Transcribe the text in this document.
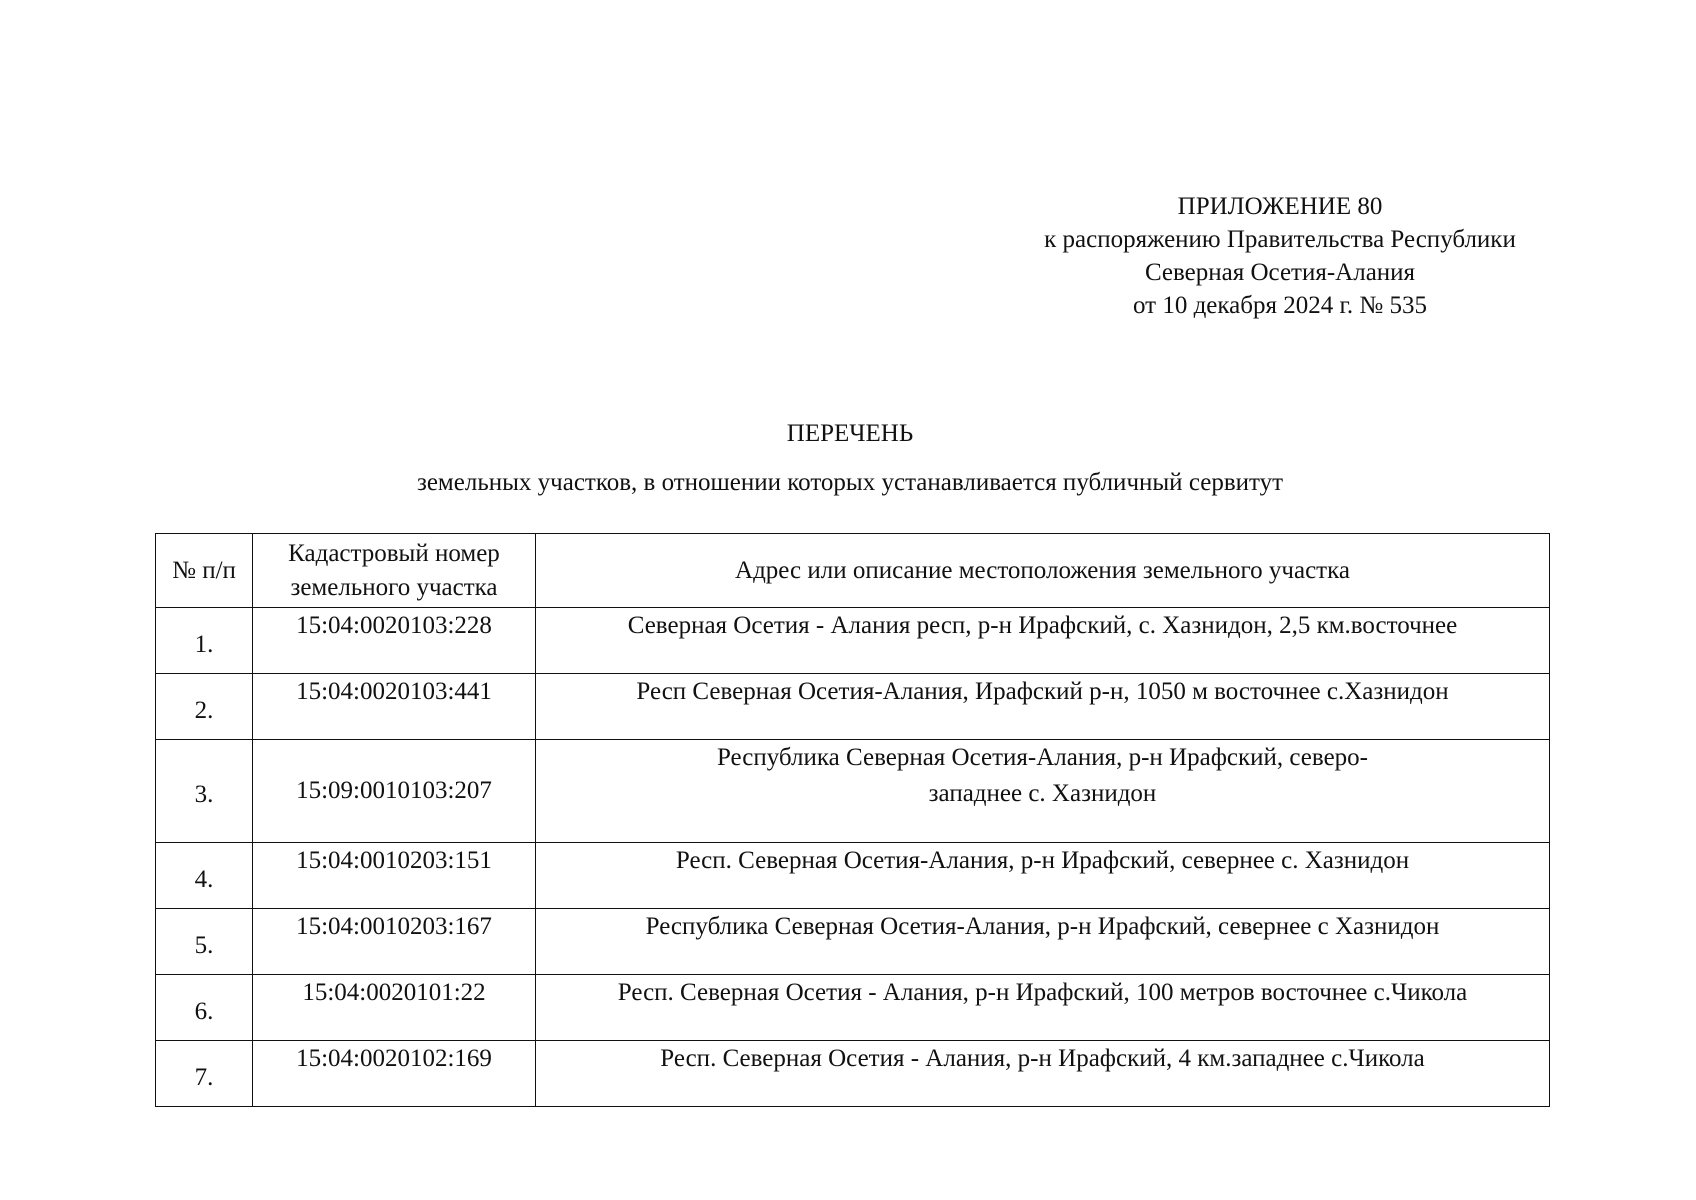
ПРИЛОЖЕНИЕ 80
к распоряжению Правительства Республики
Северная Осетия-Алания
от 10 декабря 2024 г. № 535
ПЕРЕЧЕНЬ
земельных участков, в отношении которых устанавливается публичный сервитут
№ п/п	Кадастровый номер земельного участка	Адрес или описание местоположения земельного участка
1.	15:04:0020103:228	Северная Осетия - Алания респ, р-н Ирафский, с. Хазнидон, 2,5 км.восточнее
2.	15:04:0020103:441	Респ Северная Осетия-Алания, Ирафский р-н, 1050 м восточнее с.Хазнидон
3.	15:09:0010103:207	Республика Северная Осетия-Алания, р-н Ирафский, северо-западнее с. Хазнидон
4.	15:04:0010203:151	Респ. Северная Осетия-Алания, р-н Ирафский, севернее с. Хазнидон
5.	15:04:0010203:167	Республика Северная Осетия-Алания, р-н Ирафский, севернее с Хазнидон
6.	15:04:0020101:22	Респ. Северная Осетия - Алания, р-н Ирафский, 100 метров восточнее с.Чикола
7.	15:04:0020102:169	Респ. Северная Осетия - Алания, р-н Ирафский, 4 км.западнее с.Чикола
